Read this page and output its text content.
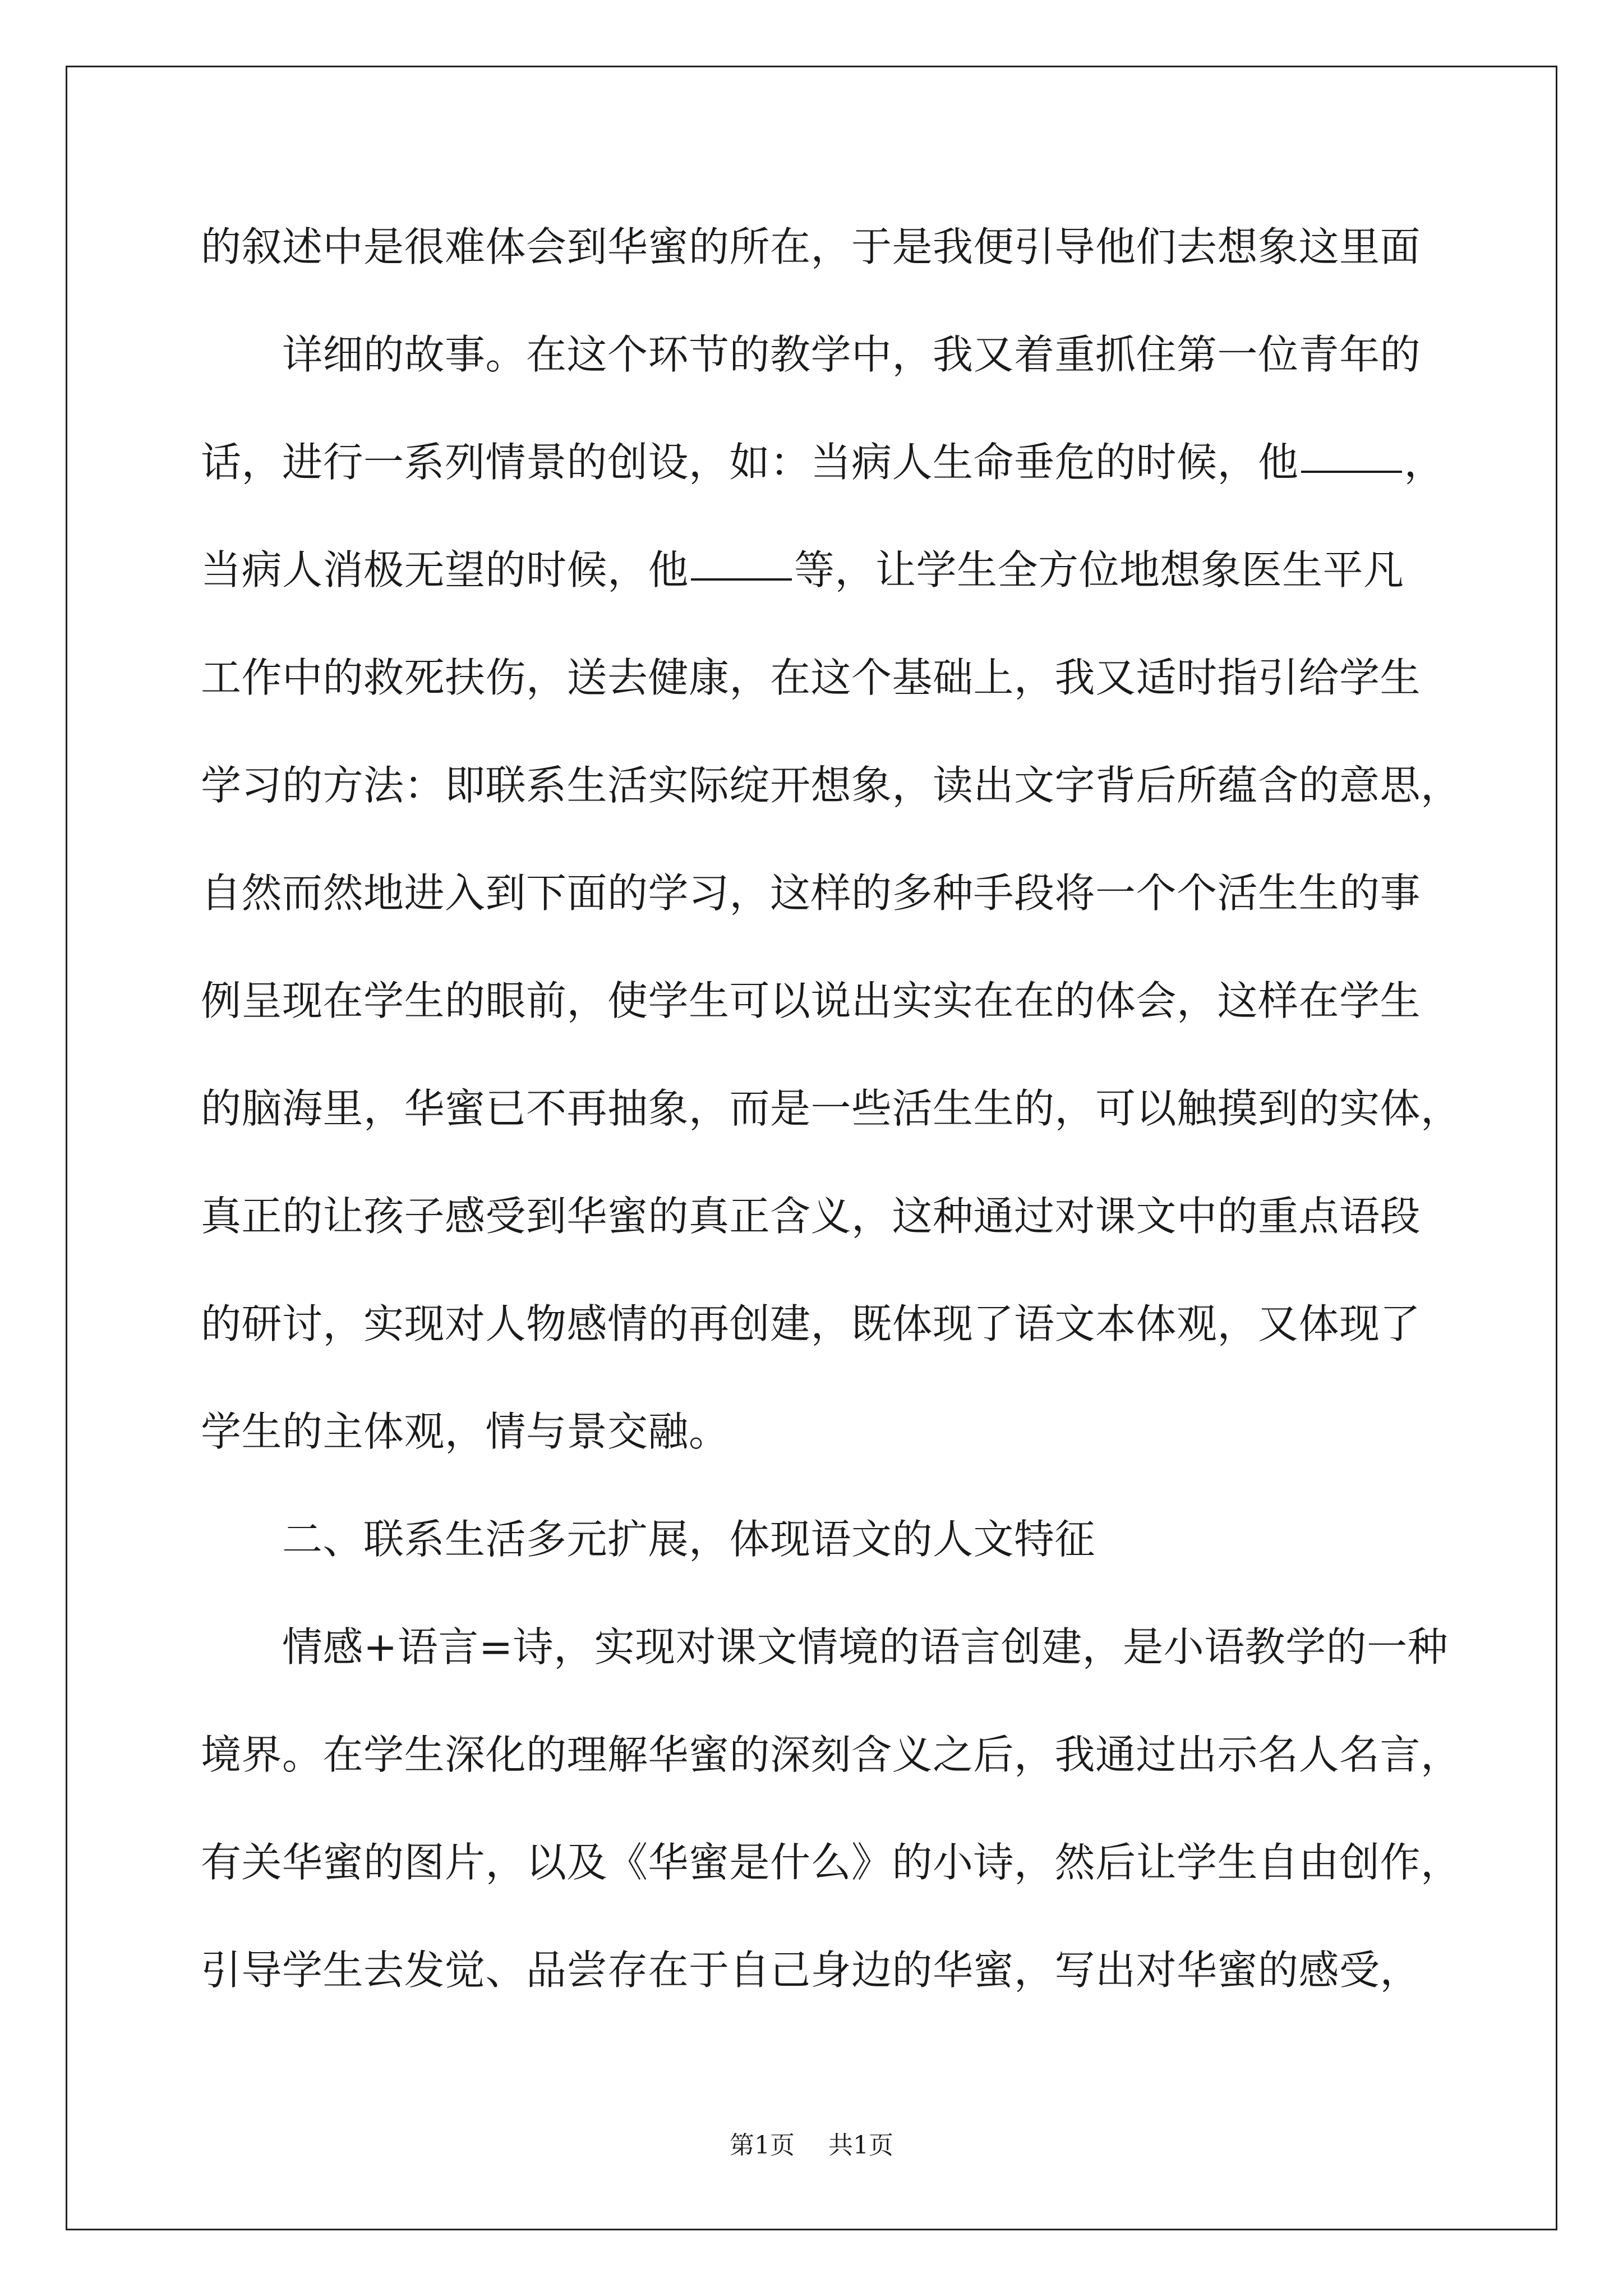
的叙述中是很难体会到华蜜的所在，于是我便引导他们去想象这里面
详细的故事。在这个环节的教学中，我又着重抓住第一位青年的
话，进行一系列情景的创设，如：当病人生命垂危的时候，他	，
当病人消极无望的时候，他	等，让学生全方位地想象医生平凡
工作中的救死扶伤，送去健康，在这个基础上，我又适时指引给学生
学习的方法：即联系生活实际绽开想象，读出文字背后所蕴含的意思，
自然而然地进入到下面的学习，这样的多种手段将一个个活生生的事
例呈现在学生的眼前，使学生可以说出实实在在的体会，这样在学生
的脑海里，华蜜已不再抽象，而是一些活生生的，可以触摸到的实体，
真正的让孩子感受到华蜜的真正含义，这种通过对课文中的重点语段
的研讨，实现对人物感情的再创建，既体现了语文本体观，又体现了
学生的主体观，情与景交融。
二、联系生活多元扩展，体现语文的人文特征
情感+语言=诗，实现对课文情境的语言创建，是小语教学的一种
境界。在学生深化的理解华蜜的深刻含义之后，我通过出示名人名言，
有关华蜜的图片，以及《华蜜是什么》的小诗，然后让学生自由创作，
引导学生去发觉、品尝存在于自己身边的华蜜，写出对华蜜的感受，
第1页 共1页
